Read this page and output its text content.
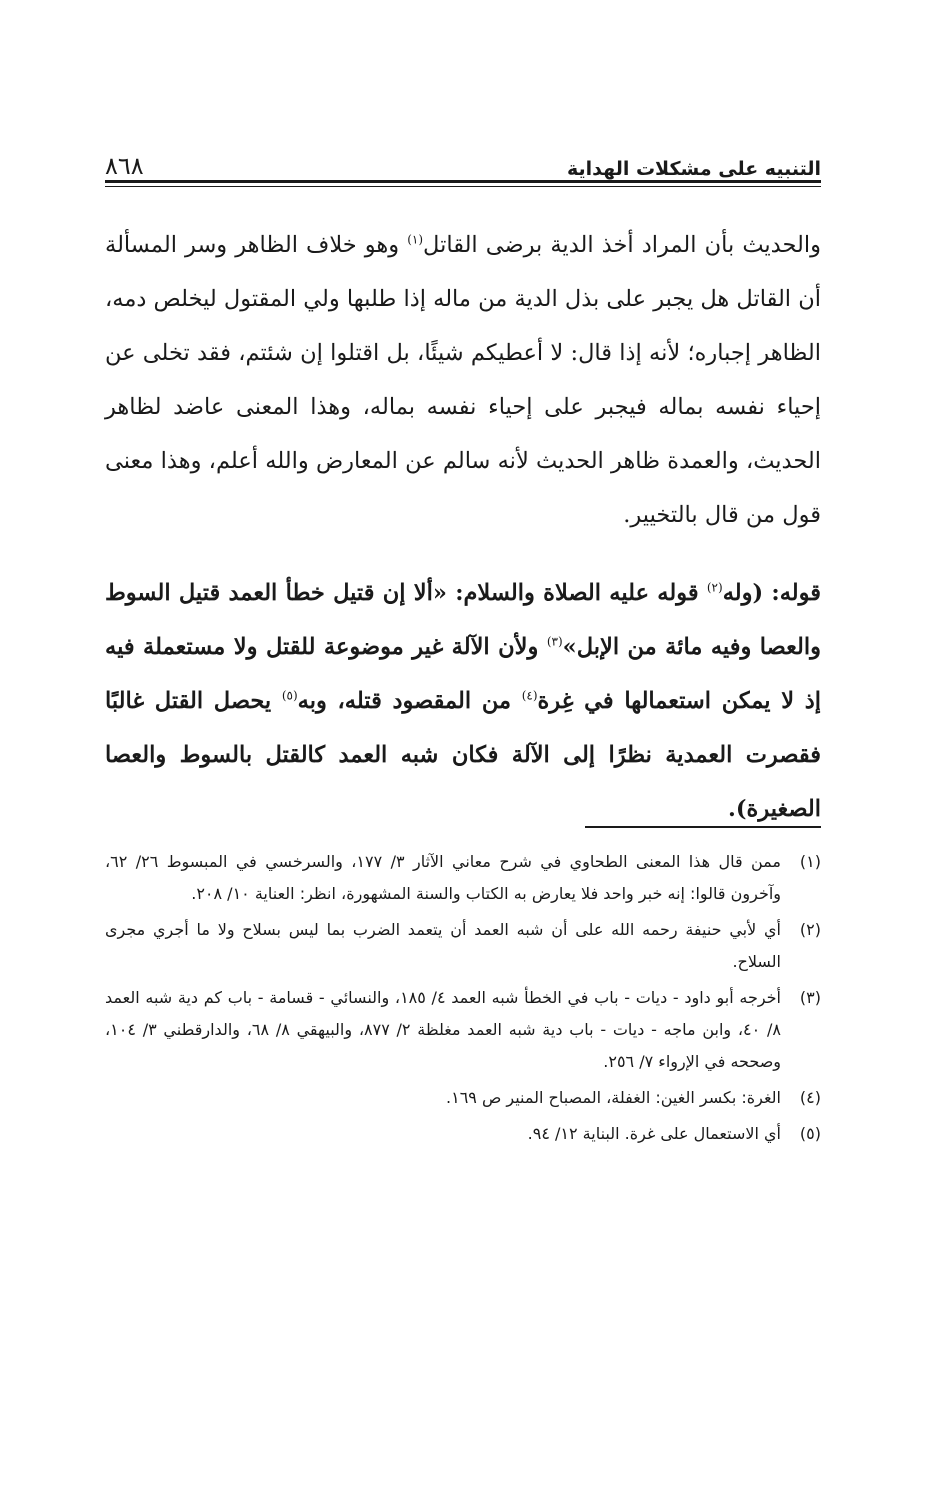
التنبيه على مشكلات الهداية
٨٦٨

والحديث بأن المراد أخذ الدية برضى القاتل$^{(١)}$ وهو خلاف الظاهر وسر المسألة أن القاتل هل يجبر على بذل الدية من ماله إذا طلبها ولي المقتول ليخلص دمه، الظاهر إجباره؛ لأنه إذا قال: لا أعطيكم شيئًا، بل اقتلوا إن شئتم، فقد تخلى عن إحياء نفسه بماله فيجبر على إحياء نفسه بماله، وهذا المعنى عاضد لظاهر الحديث، والعمدة ظاهر الحديث لأنه سالم عن المعارض والله أعلم، وهذا معنى قول من قال بالتخيير.

قوله: (وله$^{(٢)}$ قوله عليه الصلاة والسلام: «ألا إن قتيل خطأ العمد قتيل السوط والعصا وفيه مائة من الإبل»$^{(٣)}$ ولأن الآلة غير موضوعة للقتل ولا مستعملة فيه إذ لا يمكن استعمالها في غِرة$^{(٤)}$ من المقصود قتله، وبه$^{(٥)}$ يحصل القتل غالبًا فقصرت العمدية نظرًا إلى الآلة فكان شبه العمد كالقتل بالسوط والعصا الصغيرة).

(١)
ممن قال هذا المعنى الطحاوي في شرح معاني الآثار ٣/ ١٧٧، والسرخسي في المبسوط ٢٦/ ٦٢، وآخرون قالوا: إنه خبر واحد فلا يعارض به الكتاب والسنة المشهورة، انظر: العناية ١٠/ ٢٠٨.
(٢)
أي لأبي حنيفة رحمه الله على أن شبه العمد أن يتعمد الضرب بما ليس بسلاح ولا ما أجري مجرى السلاح.
(٣)
أخرجه أبو داود - ديات - باب في الخطأ شبه العمد ٤/ ١٨٥، والنسائي - قسامة - باب كم دية شبه العمد ٨/ ٤٠، وابن ماجه - ديات - باب دية شبه العمد مغلظة ٢/ ٨٧٧، والبيهقي ٨/ ٦٨، والدارقطني ٣/ ١٠٤، وصححه في الإرواء ٧/ ٢٥٦.
(٤)
الغرة: بكسر الغين: الغفلة، المصباح المنير ص ١٦٩.
(٥)
أي الاستعمال على غرة. البناية ١٢/ ٩٤.
